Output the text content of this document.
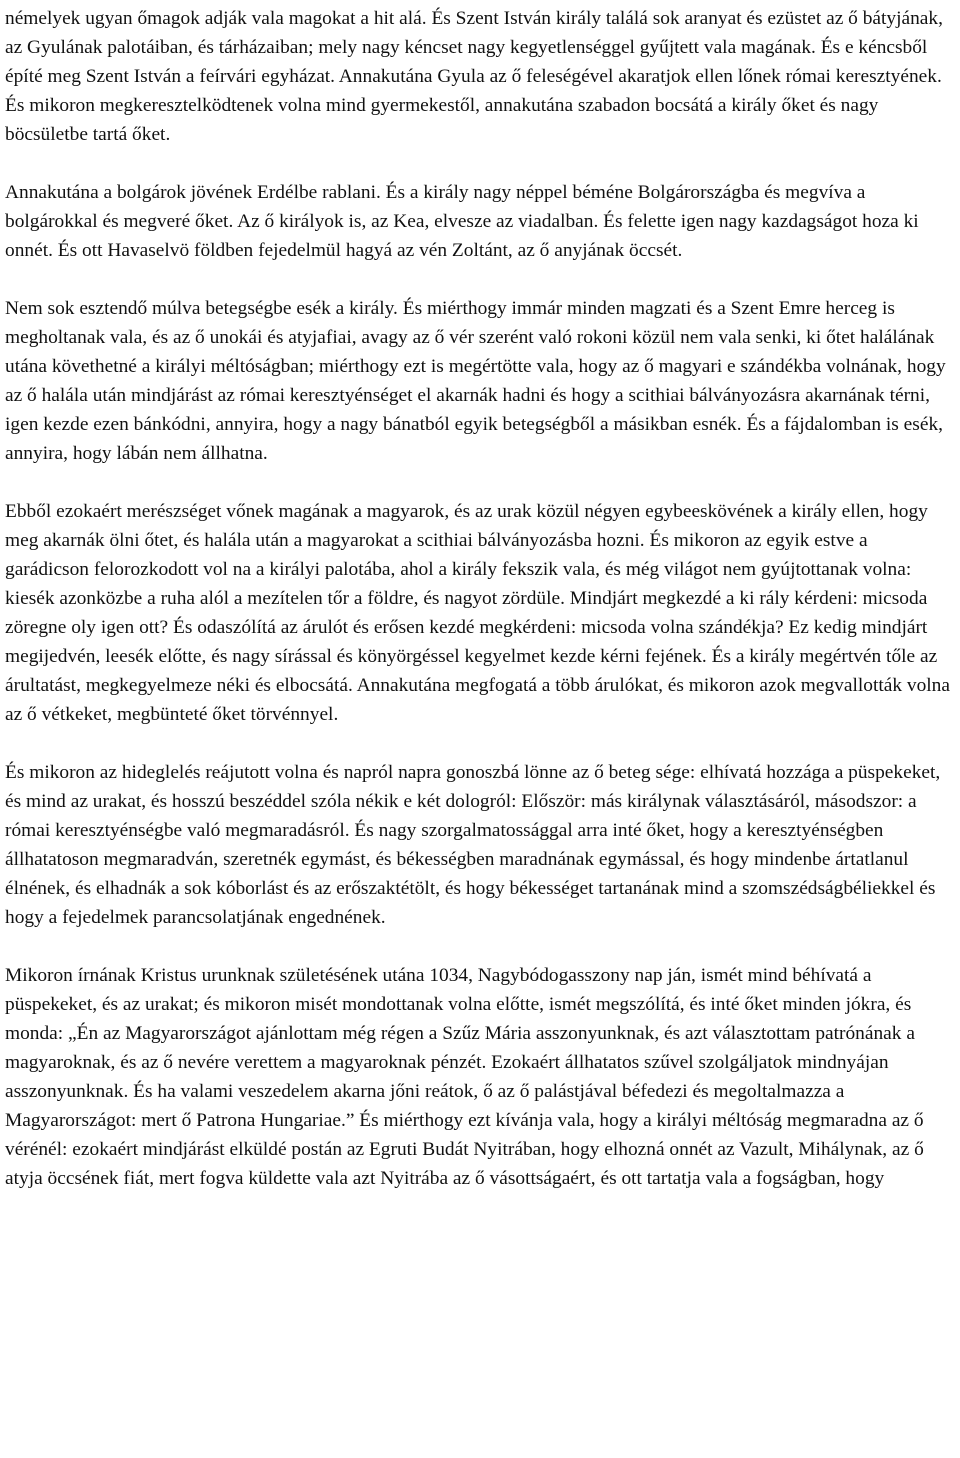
némelyek ugyan őmagok adják vala magokat a hit alá. És Szent István király találá sok aranyat és ezüstet az ő bátyjának, az Gyulának palotáiban, és tárházaiban; mely nagy kéncset nagy kegyetlenséggel gyűjtett vala magának. És e kéncsből építé meg Szent István a feírvári egyházat. Annakutána Gyula az ő feleségével akaratjok ellen lőnek római keresztyének. És mikoron megkeresztelködtenek volna mind gyermekestől, annakutána szabadon bocsátá a király őket és nagy böcsületbe tartá őket.

Annakutána a bolgárok jövének Erdélbe rablani. És a király nagy néppel béméne Bolgárországba és megvíva a bolgárokkal és megveré őket. Az ő királyok is, az Kea, elvesze az viadalban. És felette igen nagy kazdagságot hoza ki onnét. És ott Havaselvö földben fejedelmül hagyá az vén Zoltánt, az ő anyjának öccsét.

Nem sok esztendő múlva betegségbe esék a király. És miérthogy immár minden magzati és a Szent Emre herceg is megholtanak vala, és az ő unokái és atyjafiai, avagy az ő vér szerént való rokoni közül nem vala senki, ki őtet halálának utána követhetné a királyi méltóságban; miérthogy ezt is megértötte vala, hogy az ő magyari e szándékba volnának, hogy az ő halála után mindjárást az római keresztyénséget el akarnák hadni és hogy a scithiai bálványozásra akarnának térni, igen kezde ezen bánkódni, annyira, hogy a nagy bánatból egyik betegségből a másikban esnék. És a fájdalomban is esék, annyira, hogy lábán nem állhatna.

Ebből ezokaért merészséget vőnek magának a magyarok, és az urak közül négyen egybeeskövének a király ellen, hogy meg akarnák ölni őtet, és halála után a magyarokat a scithiai bálványozásba hozni. És mikoron az egyik estve a garádicson felorozkodott vol na a királyi palotába, ahol a király fekszik vala, és még világot nem gyújtottanak volna: kiesék azonközbe a ruha alól a mezítelen tőr a földre, és nagyot zördüle. Mindjárt megkezdé a ki rály kérdeni: micsoda zöregne oly igen ott? És odaszólítá az árulót és erősen kezdé megkérdeni: micsoda volna szándékja? Ez kedig mindjárt megijedvén, leesék előtte, és nagy sírással és könyörgéssel kegyelmet kezde kérni fejének. És a király megértvén tőle az árultatást, megkegyelmeze néki és elbocsátá. Annakutána megfogatá a több árulókat, és mikoron azok megvallották volna az ő vétkeket, megbünteté őket törvénnyel.

És mikoron az hideglelés reájutott volna és napról napra gonoszbá lönne az ő beteg sége: elhívatá hozzága a püspekeket, és mind az urakat, és hosszú beszéddel szóla nékik e két dologról: Először: más királynak választásáról, másodszor: a római keresztyénségbe való megmaradásról. És nagy szorgalmatossággal arra inté őket, hogy a keresztyénségben állhatatoson megmaradván, szeretnék egymást, és békességben maradnának egymással, és hogy mindenbe ártatlanul élnének, és elhadnák a sok kóborlást és az erőszaktétölt, és hogy békességet tartanának mind a szomszédságbéliekkel és hogy a fejedelmek parancsolatjának engednének.

Mikoron írnának Kristus urunknak születésének utána 1034, Nagybódogasszony nap ján, ismét mind béhívatá a püspekeket, és az urakat; és mikoron misét mondottanak volna előtte, ismét megszólítá, és inté őket minden jókra, és monda: „Én az Magyarországot ajánlottam még régen a Szűz Mária asszonyunknak, és azt választottam patrónának a magyaroknak, és az ő nevére verettem a magyaroknak pénzét. Ezokaért állhatatos szűvel szolgáljatok mindnyájan asszonyunknak. És ha valami veszedelem akarna jőni reátok, ő az ő palástjával béfedezi és megoltalmazza a Magyarországot: mert ő Patrona Hungariae.” És miérthogy ezt kívánja vala, hogy a királyi méltóság megmaradna az ő vérénél: ezokaért mindjárást elküldé postán az Egruti Budát Nyitrában, hogy elhozná onnét az Vazult, Mihálynak, az ő atyja öccsének fiát, mert fogva küldette vala azt Nyitrába az ő vásottságaért, és ott tartatja vala a fogságban, hogy
